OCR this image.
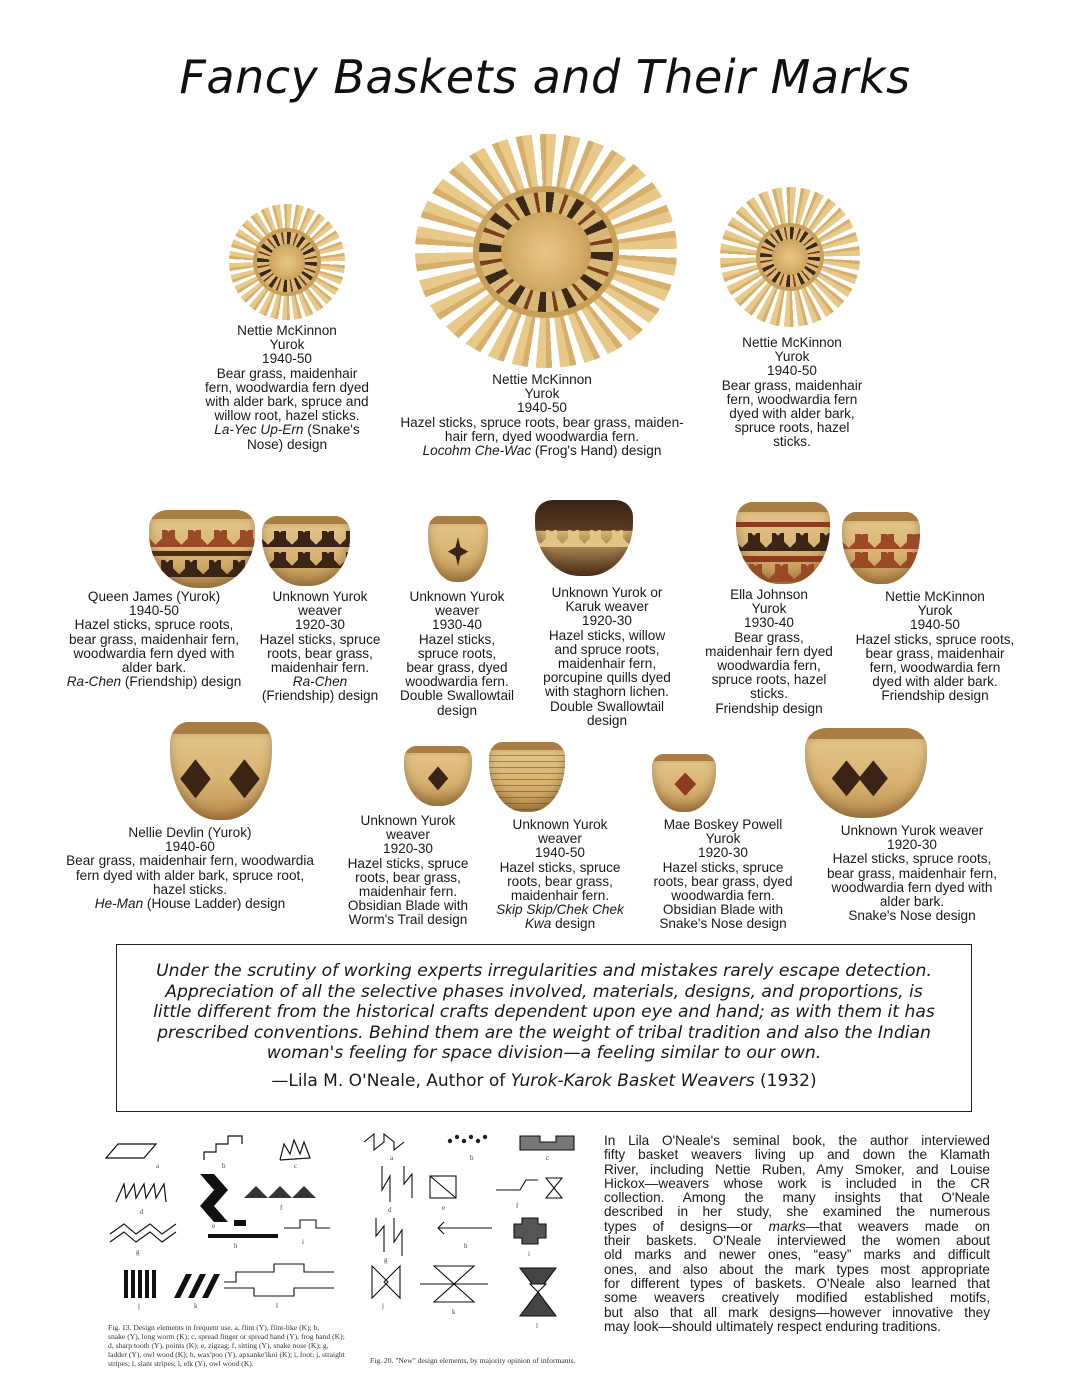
Fancy Baskets and Their Marks
Nettie McKinnon
Yurok
1940-50
Bear grass, maidenhair
fern, woodwardia fern dyed
with alder bark, spruce and
willow root, hazel sticks.
La-Yec Up-Ern (Snake's
Nose) design
Nettie McKinnon
Yurok
1940-50
Hazel sticks, spruce roots, bear grass, maiden-
hair fern, dyed woodwardia fern.
Locohm Che-Wac (Frog's Hand) design
Nettie McKinnon
Yurok
1940-50
Bear grass, maidenhair
fern, woodwardia fern
dyed with alder bark,
spruce roots, hazel
sticks.
Queen James (Yurok)
1940-50
Hazel sticks, spruce roots,
bear grass, maidenhair fern,
woodwardia fern dyed with
alder bark.
Ra-Chen (Friendship) design
Unknown Yurok
weaver
1920-30
Hazel sticks, spruce
roots, bear grass,
maidenhair fern.
Ra-Chen
(Friendship) design
Unknown Yurok
weaver
1930-40
Hazel sticks,
spruce roots,
bear grass, dyed
woodwardia fern.
Double Swallowtail
design
Unknown Yurok or
Karuk weaver
1920-30
Hazel sticks, willow
and spruce roots,
maidenhair fern,
porcupine quills dyed
with staghorn lichen.
Double Swallowtail
design
Ella Johnson
Yurok
1930-40
Bear grass,
maidenhair fern dyed
woodwardia fern,
spruce roots, hazel
sticks.
Friendship design
Nettie McKinnon
Yurok
1940-50
Hazel sticks, spruce roots,
bear grass, maidenhair
fern, woodwardia fern
dyed with alder bark.
Friendship design
Nellie Devlin (Yurok)
1940-60
Bear grass, maidenhair fern, woodwardia
fern dyed with alder bark, spruce root,
hazel sticks.
He-Man (House Ladder) design
Unknown Yurok
weaver
1920-30
Hazel sticks, spruce
roots, bear grass,
maidenhair fern.
Obsidian Blade with
Worm's Trail design
Unknown Yurok
weaver
1940-50
Hazel sticks, spruce
roots, bear grass,
maidenhair fern.
Skip Skip/Chek Chek
Kwa design
Mae Boskey Powell
Yurok
1920-30
Hazel sticks, spruce
roots, bear grass, dyed
woodwardia fern.
Obsidian Blade with
Snake's Nose design
Unknown Yurok weaver
1920-30
Hazel sticks, spruce roots,
bear grass, maidenhair fern,
woodwardia fern dyed with
alder bark.
Snake's Nose design
Under the scrutiny of working experts irregularities and mistakes rarely escape detection.
Appreciation of all the selective phases involved, materials, designs, and proportions, is
little different from the historical crafts dependent upon eye and hand; as with them it has
prescribed conventions. Behind them are the weight of tribal tradition and also the Indian
woman's feeling for space division—a feeling similar to our own.
—Lila M. O'Neale, Author of Yurok-Karok Basket Weavers (1932)
a	b	c
d
e
f
g
h	i
j	k	l
Fig. 13. Design elements in frequent use. a, flint (Y), flint-like (K); b,
snake (Y), long worm (K); c, spread finger or spread hand (Y), frog hand (K);
d, sharp tooth (Y), points (K); e, zigzag; f, sitting (Y), snake nose (K); g,
ladder (Y), owl wood (K); h, wax'poo (Y), apxanke'ikoi (K); i, foot; j, straight
stripes; l, slant stripes; l, elk (Y), owl wood (K).
a	b	c
d	e	f
g
h
i
j
k
l
Fig. 20. "New" design elements, by majority opinion of informants.
In Lila O'Neale's seminal book, the author interviewed
fifty basket weavers living up and down the Klamath
River, including Nettie Ruben, Amy Smoker, and Louise
Hickox—weavers whose work is included in the CR
collection. Among the many insights that O'Neale
described in her study, she examined the numerous
types of designs—or marks—that weavers made on
their baskets. O'Neale interviewed the women about
old marks and newer ones, “easy” marks and difficult
ones, and also about the mark types most appropriate
for different types of baskets. O'Neale also learned that
some weavers creatively modified established motifs,
but also that all mark designs—however innovative they
may look—should ultimately respect enduring traditions.
